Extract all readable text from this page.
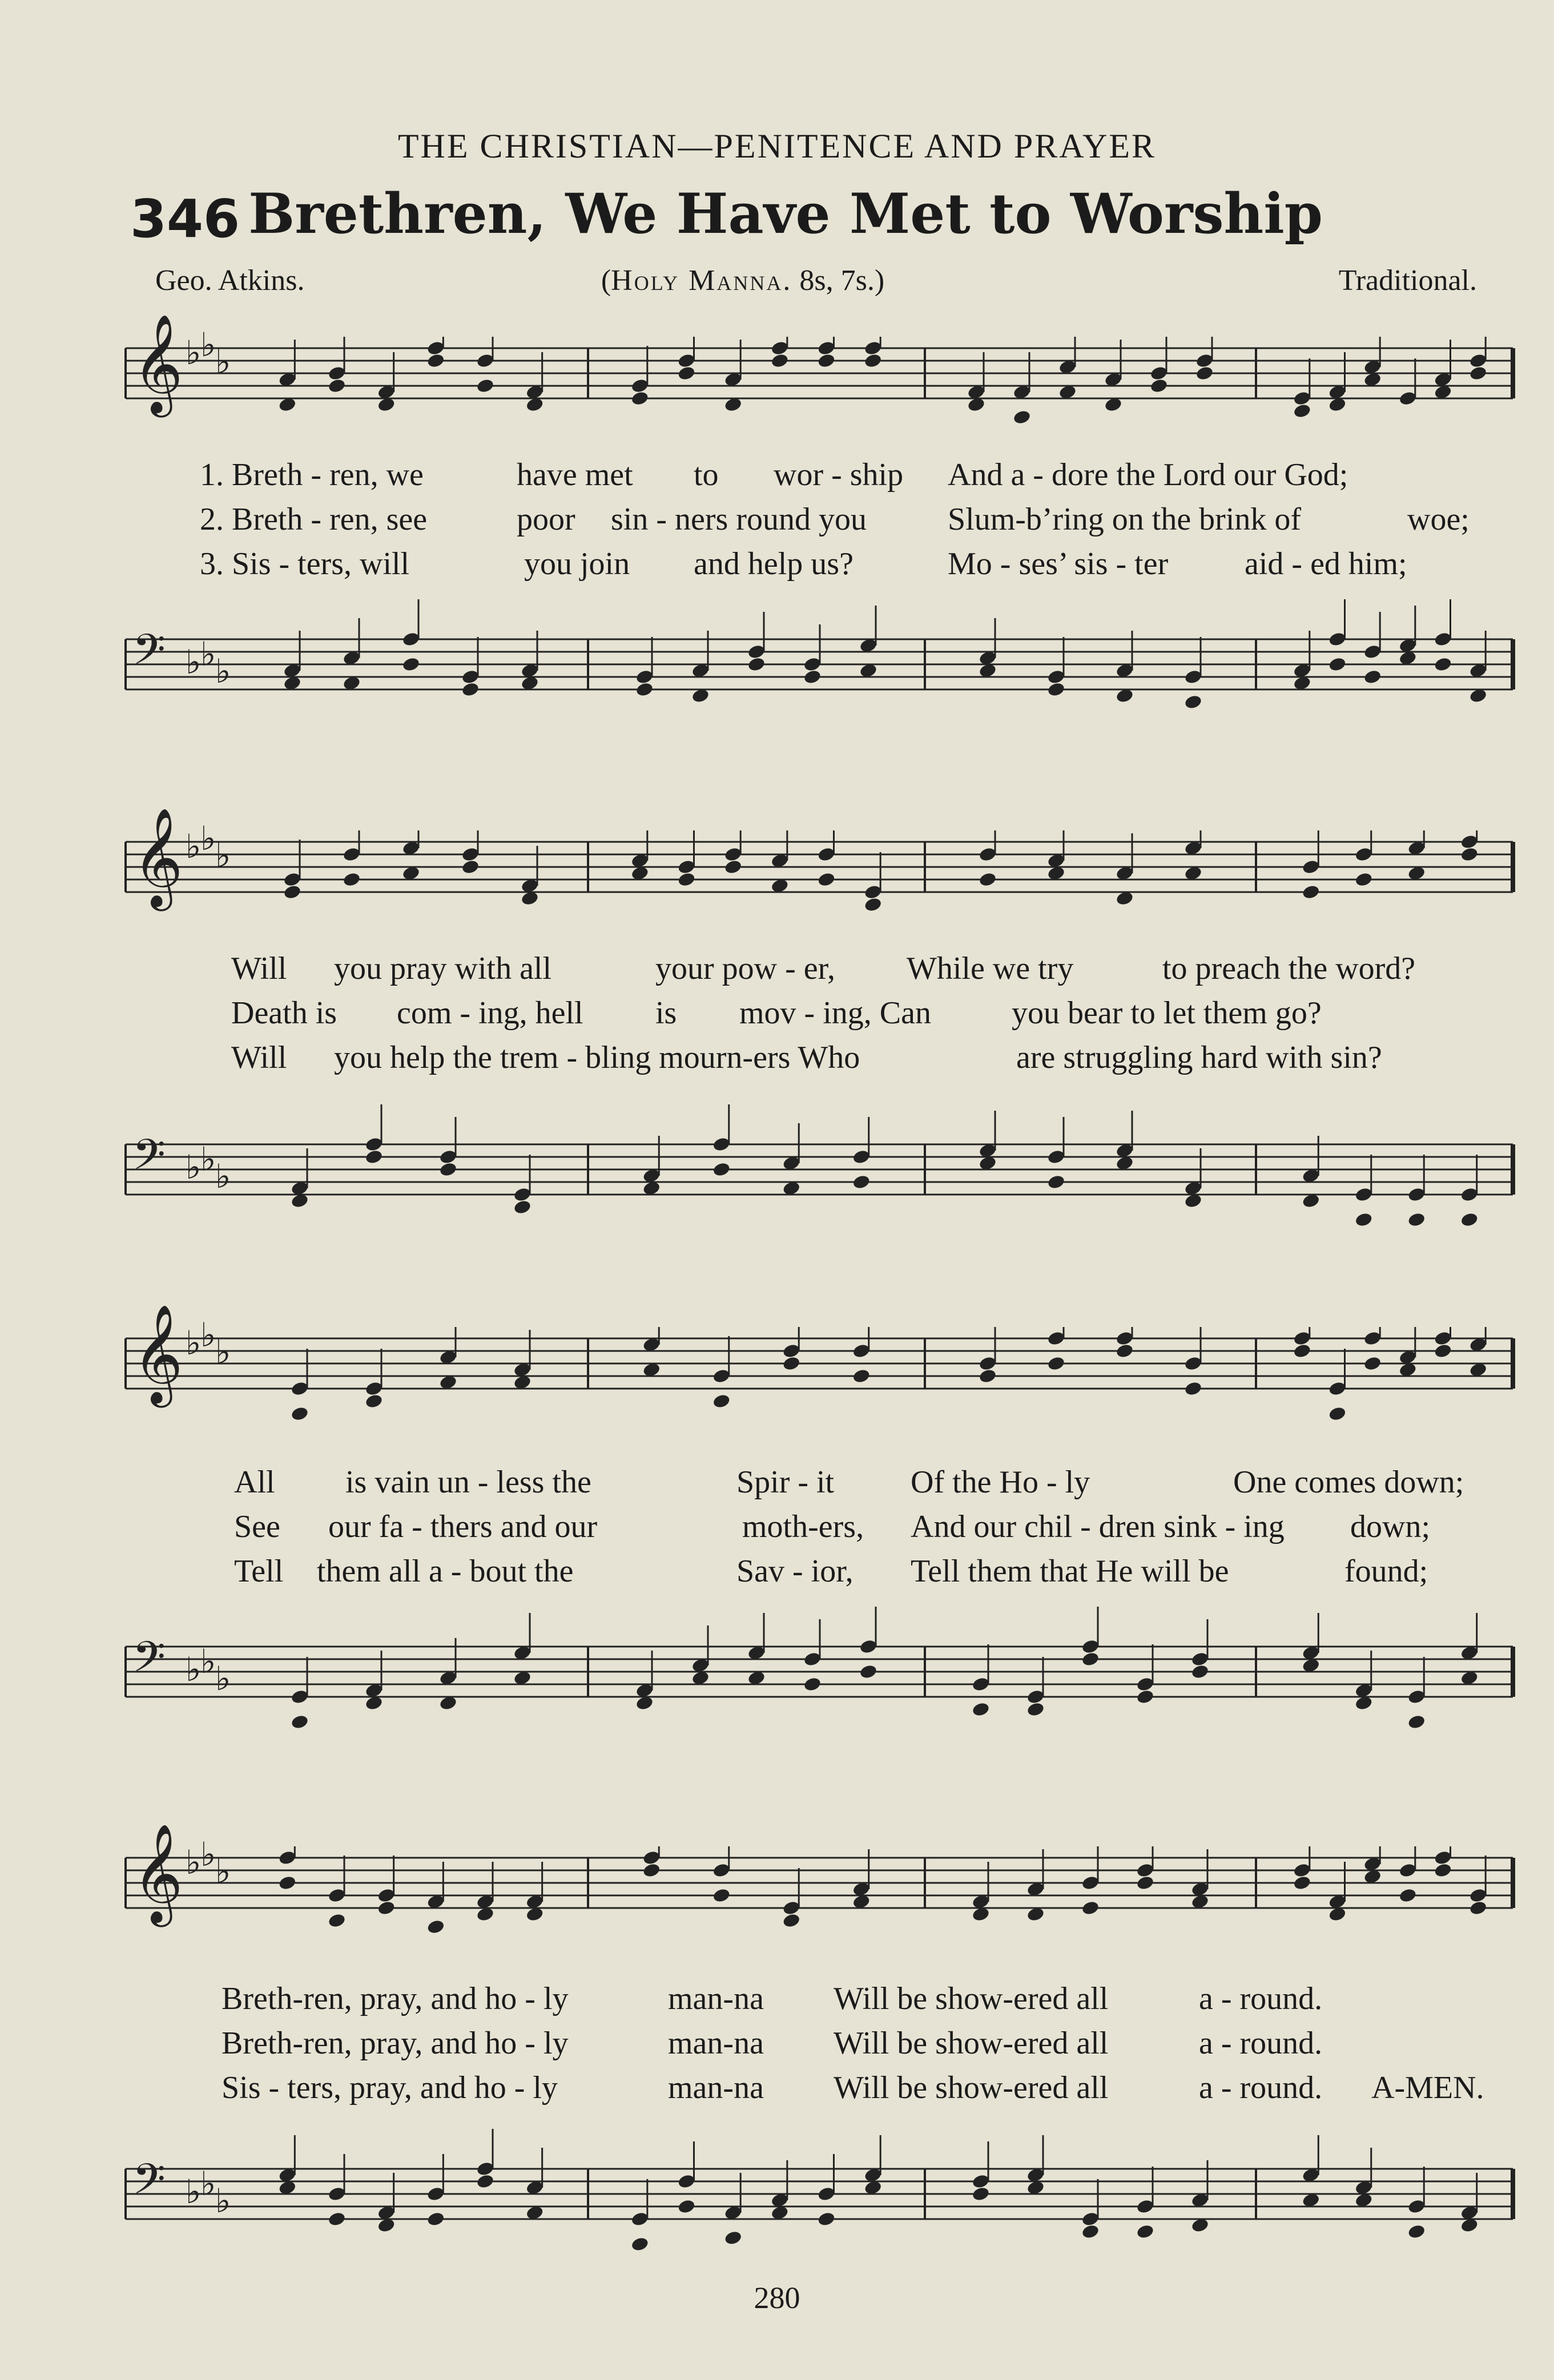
THE CHRISTIAN—PENITENCE AND PRAYER
346 Brethren, We Have Met to Worship
Geo. Atkins.	(Holy Manna. 8s, 7s.)	Traditional.
𝄞 ♭
♭
♭
1. Breth - ren, we	have met to wor - ship And a - dore the Lord our God;
2. Breth - ren, see	poor sin - ners round you	Slum-b’ring on the brink of	woe;
3. Sis - ters, will	you join and help us?	Mo - ses’ sis - ter aid - ed him;
𝄢 ♭
♭
♭
𝄞 ♭
♭
♭
Will you pray with all	your pow - er, While we try	to preach the word?
Death is com - ing, hell is mov - ing, Can	you bear to let them go?
Will you help the trem - bling mourn-ers Who	are struggling hard with sin?
𝄢 ♭
♭
♭
𝄞 ♭
♭
♭
All is vain un - less the	Spir - it Of the Ho - ly	One comes down;
See our fa - thers and our	moth-ers, And our chil - dren sink - ing down;
Tell them all a - bout the	Sav - ior, Tell them that He will be	found;
𝄢 ♭
♭
♭
𝄞 ♭
♭
♭
Breth-ren, pray, and ho - ly	man-na Will be show-ered all	a - round.
Breth-ren, pray, and ho - ly	man-na Will be show-ered all	a - round.
Sis - ters, pray, and ho - ly	man-na Will be show-ered all	a - round. A-MEN.
𝄢 ♭
♭
♭
280
